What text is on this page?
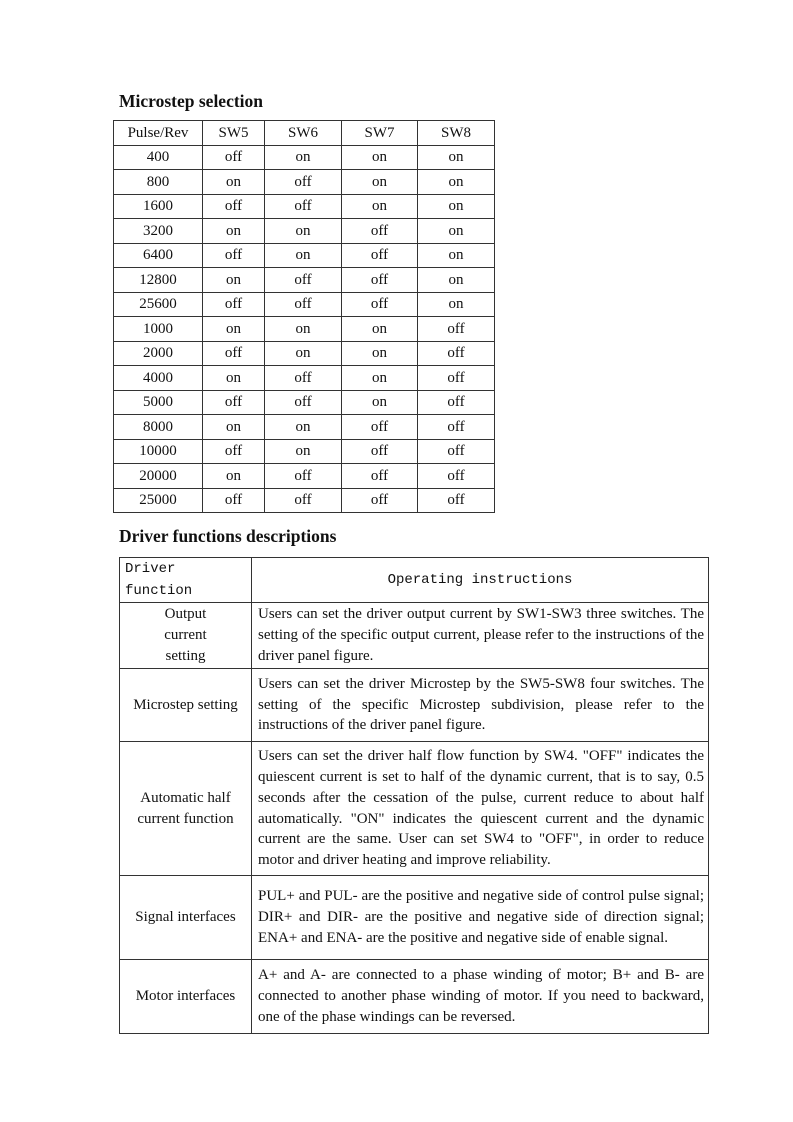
Microstep selection
Pulse/Rev	SW5	SW6	SW7	SW8
400	off	on	on	on
800	on	off	on	on
1600	off	off	on	on
3200	on	on	off	on
6400	off	on	off	on
12800	on	off	off	on
25600	off	off	off	on
1000	on	on	on	off
2000	off	on	on	off
4000	on	off	on	off
5000	off	off	on	off
8000	on	on	off	off
10000	off	on	off	off
20000	on	off	off	off
25000	off	off	off	off
Driver functions descriptions
Driver function	Operating instructions
Output current setting	Users can set the driver output current by SW1-SW3 three switches. The setting of the specific output current, please refer to the instructions of the driver panel figure.
Microstep setting	Users can set the driver Microstep by the SW5-SW8 four switches. The setting of the specific Microstep subdivision, please refer to the instructions of the driver panel figure.
Automatic half current function	Users can set the driver half flow function by SW4. "OFF" indicates the quiescent current is set to half of the dynamic current, that is to say, 0.5 seconds after the cessation of the pulse, current reduce to about half automatically. "ON" indicates the quiescent current and the dynamic current are the same. User can set SW4 to "OFF", in order to reduce motor and driver heating and improve reliability.
Signal interfaces	PUL+ and PUL- are the positive and negative side of control pulse signal; DIR+ and DIR- are the positive and negative side of direction signal; ENA+ and ENA- are the positive and negative side of enable signal.
Motor interfaces	A+ and A- are connected to a phase winding of motor; B+ and B- are connected to another phase winding of motor. If you need to backward, one of the phase windings can be reversed.
